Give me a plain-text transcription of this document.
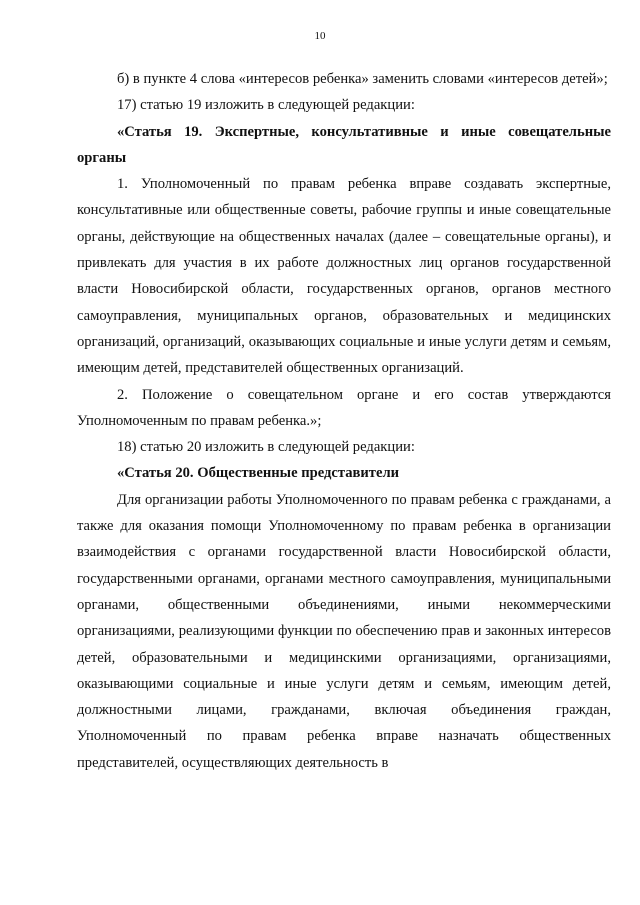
10

б) в пункте 4 слова «интересов ребенка» заменить словами «интересов детей»;

17) статью 19 изложить в следующей редакции:

«Статья 19. Экспертные, консультативные и иные совещательные органы

1. Уполномоченный по правам ребенка вправе создавать экспертные, консультативные или общественные советы, рабочие группы и иные совещательные органы, действующие на общественных началах (далее – совещательные органы), и привлекать для участия в их работе должностных лиц органов государственной власти Новосибирской области, государственных органов, органов местного самоуправления, муниципальных органов, образовательных и медицинских организаций, организаций, оказывающих социальные и иные услуги детям и семьям, имеющим детей, представителей общественных организаций.

2. Положение о совещательном органе и его состав утверждаются Уполномоченным по правам ребенка.»;

18) статью 20 изложить в следующей редакции:

«Статья 20. Общественные представители

Для организации работы Уполномоченного по правам ребенка с гражданами, а также для оказания помощи Уполномоченному по правам ребенка в организации взаимодействия с органами государственной власти Новосибирской области, государственными органами, органами местного самоуправления, муниципальными органами, общественными объединениями, иными некоммерческими организациями, реализующими функции по обеспечению прав и законных интересов детей, образовательными и медицинскими организациями, организациями, оказывающими социальные и иные услуги детям и семьям, имеющим детей, должностными лицами, гражданами, включая объединения граждан, Уполномоченный по правам ребенка вправе назначать общественных представителей, осуществляющих деятельность в
